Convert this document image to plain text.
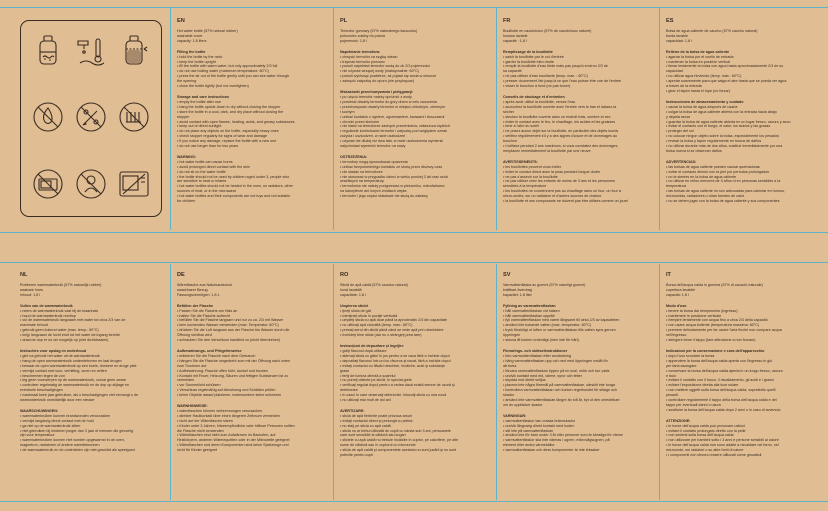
EN
Hot water bottle (57% natural rubber)
washable cover
capacity: 1.8 liters
Filling the bottle
• hold the bottle by the neck
• keep the bottle upright
• fill the bottle with warm water, but only approximately 2/3 full
• do not use boiling water (maximum temperature: 60°C)
• press the air out of the bottle gently until you can see water through
the opening
• close the bottle tightly (but not overtighten)
Storage and care instructions
• empty the bottle after use
• hang the bottle upside down to dry without closing the stopper
• store the bottle in a cool, dark, and dry place without closing the
stopper
• avoid contact with open flames, heating, acids, and greasy substances
• keep out of direct sunlight
• do not place any objects on the bottle, especially heavy ones
• check stopper regularly for signs of wear and damage
• if you notice any damage, replace the bottle with a new one
• do not use longer than for two years
WARNING:
• hot water bottle can cause burns
• avoid prolonged direct contact with the skin
• do not sit on the water bottle
• the bottle should not be used by children aged under 3, people who
are sensitive to heat or infants
• hot water bottles should not be heated in the oven, on radiators, other
sources of heat, or in the microwave
• hot water bottles and their components are not toys and not suitable
for children
PL
Termofor gumowy (57% naturalnego kauczuku)
pokrowiec zdatny do prania
pojemność: 1,8 l
Napełnianie termofora:
• chwycić termofor za szyjkę wlewu
• trzymać termofor pionowo
• powoli napełniać termofor wodą do ok 2/3 pojemności
• nie używać wrzącej wody (maksymalnie: 60°C)
• powoli wycisnąć powietrze, aż pojawi się woda w otworze
• zakręcić zatyczkę do oporu (nie przykręcać)
Wskazówki przechowywania i pielęgnacji:
• po użyciu termofor należy opróżnić z wody
• powiesić otwarty termofor do góry dnem w celu osuszenia
• przechowywać otwarty termofor w miejscu chłodnym, ciemnym
i suchym
• unikać kontaktu z ogniem, ogrzewaniem, kwasami i tłuszczami
• chronić przed słońcem
• nie kłaść na termoforze żadnych przedmiotów, zwłaszcza ciężkich
• regularnie kontrolować termofor i zatyczkę pod względem oznak
zużycia i uszkodzeń, w razie uszkodzeń
• używać nie dłużej niż dwa lata, w razie uszkodzenia wymienić
natychmiast wymienić termofor na nowy
OSTRZEŻENIA:
• termofory mogą spowodować oparzenia
• unikać bezpośredniego kontaktu ze skórą przez dłuższy czas
• nie siadać na termoforze
• nie stosować w przypadku dzieci w wieku poniżej 3 lat oraz osób
wrażliwych na temperaturę
• termoforów nie należy podgrzewać w piekarniku, mikrofalówce,
na kaloryferze ani innych źródłach ciepła
• termofor i jego części składowe nie służą do zabawy
FR
Bouillotte en caoutchouc (57% de caoutchouc naturel)
housse lavable
capacité : 1,8 l
Remplissage de la bouillotte
• saisir la bouillotte par le col d'entrée
• garder la bouillotte bien droite
• remplir la bouillotte d'eau tiède mais pas jusqu'à environ 2/3 de
sa capacité
• ne pas utiliser d'eau bouillante (temp. max. : 60°C)
• presser doucement l'air jusqu'à ce que l'eau puisse être vue de l'entrée
• visser le bouchon à fond (ne pas forcer)
Conseils de stockage et d'entretien
• après avoir utilisé la bouillotte, versez l'eau
• accrochez la bouillotte ouverte avec l'entrée vers le bas et laissez-la
sécher
• stockez la bouillotte ouverte dans un endroit frais, sombre et sec
• éviter le contact avec le feu, le chauffage, les acides et les graisses
• tenir à l'abri du soleil
• ne posez aucun objet sur la bouillotte, en particulier des objets lourds
• vérifiez régulièrement s'il y a des signes d'usure et de dommages au
bouchon
• n'utilisez pendant 2 ans maximum, si vous constatez des dommages,
remplacez immédiatement la bouillotte par une neuve
AVERTISSEMENTS:
• les bouillottes peuvent vous brûler
• éviter le contact direct avec la peau pendant longue durée
• ne pas s'asseoir sur la bouillotte
• ne pas utiliser chez les enfants de moins de 3 ans et les personnes
sensibles à la température
• les bouillottes ne conviennent pas au chauffage dans un four, un four à
micro-ondes, sur un radiateur et d'autres sources de chaleur
• la bouillotte et ses composants ne doivent pas être utilisés comme un jouet
ES
Bolsa de agua caliente de caucho (57% caucho natural)
funda lavable
capacidad: 1,8 l
Relleno de la bolsa de agua caliente
• agarrar la bolsa por el cuello de entrada
• mantener la bolsa en posición vertical
• llenar lentamente la bolsa con agua hasta aproximadamente 2/3 de su
capacidad
• no utilizar agua hirviendo (temp. máx.: 60°C)
• apretar suavemente para que salga el aire hasta que se pueda ver agua
a través de la entrada
• girar el tapón hasta el tope (no forzar)
Instrucciones de almacenamiento y cuidado
• vaciar la bolsa de agua después de usarla
• colgar la bolsa de agua caliente abierta con la entrada hacia abajo
y dejarla secar
• guardar la bolsa de agua caliente abierta en un lugar fresco, oscuro y seco
• evitar el contacto con el fuego, el calor, los ácidos y las grasas
• proteger del sol
• no colocar ningún objeto sobre la bolsa, especialmente los pesados
• revisar la bolsa y tapón regularmente en busca de daños
• no utilizar durante más de dos años, sustituir inmediatamente por una
bolsa nueva si se observan daños
ADVERTENCIAS:
• las bolsas de agua caliente pueden causar quemaduras
• evitar el contacto directo con la piel por períodos prolongados
• no te sientes en la bolsa de agua caliente
• no utilizar en niños menores de 3 años ni en personas sensibles a la
temperatura
• las bolsas de agua caliente no son adecuadas para calentar en hornos,
microondas, radiadores u otras fuentes de calor
• no se deben jugar con la bolsa de agua caliente y sus componentes
NL
Rubberen warmwaterkruik (57% natuurlijk rubber)
wasbare hoes
inhoud: 1,8 l
Vullen van de warmwaterkruik
• neem de warmwaterkruik vast bij de kraanhals
• houd de warmwaterkruik rechtop
• vul de warmwaterkruik langzaam met water tot circa 2/3 van de
maximale inhoud
• gebruik geen kokend water (max. temp.: 60°C)
• knijp langzaam de lucht eruit tot het water de ingang bereikt
• draai de dop er zo ver mogelijk op (niet dichtdraaien)
Instructies voor opslag en onderhoud
• giet na gebruik het water uit de warmwaterkruik
• hang de open warmwaterkruik ondersteboven en laat drogen
• bewaar de open warmwaterkruik op een koele, donkere en droge plek
• vermijd contact met vuur, verhitting, zuren en vetten
• beschermen tegen de zon
• leg geen voorwerpen op de warmwaterkruik, vooral geen zware
• controleer regelmatig de warmwaterkruik en de dop op slijtage en
eventuele beschadigingen
• maximaal twee jaar gebruiken, als u beschadigingen ziet vervangt u de
warmwaterkruik onmiddellijk door een nieuwe
WAARSCHUWINGEN:
• warmwaterkruiken kunnen brandwonden veroorzaken
• vermijd langdurig direct contact met de huid
• ga niet op de warmwaterkruik zitten
• niet gebruiken bij kinderen jonger dan 3 jaar of mensen die gevoelig
zijn voor temperatuur
• warmwaterkruiken kunnen niet worden opgewarmd in de oven,
magnetron, radiatoren of andere warmtebronnen
• de warmwaterkruik en de onderdelen zijn niet geschikt als speelgoed
DE
Wärmflasche aus Naturkautschuk
waschbarer Bezug
Fassungsvermögen: 1,8 L
Befüllen der Flasche
• Fassen Sie die Flasche am Hals an
• halten Sie die Flasche aufrecht
• befüllen Sie die Flasche langsam und nur zu ca. 2/3 mit Wasser
• kein kochendes Wasser verwenden (max. Temperatur: 60°C)
• drücken Sie die Luft langsam aus der Flasche bis Wasser durch die
Öffnung sichtbar wird
• schrauben Sie den Verschluss handfest zu (nicht überdrehen)
Aufbewahrungs- und Pflegehinweise
• entleeren Sie die Flasche nach dem Gebrauch
• hängen Sie die Flasche umgedreht zum mit der Öffnung nach unten
zum Trocknen auf
• Aufbewahrung: Flasche offen kühl, dunkel und trocken
• Kontakt mit Feuer, Heizung, Säuren und fettigen Substanzen ist zu
vermeiden
• vor Sonnenlicht schützen
• Verschluss regelmäßig auf Abnutzung und Schäden prüfen
• keine Objekte darauf platzieren, insbesondere keine schweren
WARNHINWEISE:
• wärmflaschen können verbrennungen verursachen
• direkter Hautkontakt über einen längeren Zeitraum vermeiden
• nicht auf der Wärmflasche sitzen
• Kinder unter 3 Jahren, hitzeempfindliche oder hilflose Personen sollten
die Flasche nicht verwenden
• Wärmflaschen sind nicht zum Aufwärmen im Backofen, auf
Heizkörpern, anderen Wärmequellen oder in der Mikrowelle geeignet
• Wärmflaschen und deren Komponenten sind keine Spielzeuge und
nicht für Kinder geeignet
RO
Sticlă de apă caldă (57% cauciuc natural)
husă lavabilă
capacitate: 1,8 l
Umplerea sticlei
• ţineţi sticla de gât
• menţineţi sticla în poziţie verticală
• umpleţi sticla cu apă doar până la aproximativ 2/3 din capacitate
• nu utilizaţi apă clocotită (temp. max.: 60°C)
• presaţi aerul din sticlă până când se vede apă prin deschidere
• închideţi bine sticla (dar nu o strângeţi prea tare)
Instrucţiuni de depozitare şi îngrijire
• goliţi flaconul după utilizare
• atârnaţi sticla cu gâtul în jos pentru a se usca fără a închide dopul
• depozitaţi flaconul într-un loc răcoros şi uscat, fără a închide dopul
• evitaţi contactul cu flăcări deschise, încălzire, acizi şi substanţe
grase
• feriţi de lumina directă a soarelui
• nu puneţi obiecte pe sticlă, în special grele
• verificaţi regulat dopul pentru a vedea dacă există semne de uzură şi
deteriorare
• în cazul în care observaţi deteriorări, înlocuiţi sticla cu una nouă
• nu utilizaţi mai mult de doi ani
AVERTIZARE:
• sticla de apă fierbinte poate provoca arsuri
• evitaţi contactul direct şi prelungit cu pielea
• nu staţi pe sticla cu apă caldă
• sticla nu ar trebui utilizată de copiii cu vârsta sub 3 ani, persoanele
care sunt sensibile la căldură sau sugari
• sticlele cu apă caldă nu trebuie încălzite în cuptor, pe calorifere, pe alte
surse de căldură sau în cuptorul cu microunde
• sticla de apă caldă şi componentele acesteia nu sunt jucării şi nu sunt
potrivite pentru copii
SV
Varmvattenflaska av gummi (57% naturligt gummi)
tvättbart överdrag
kapacitet: 1,8 liter
Fyllning av varmvattenflaskan
• håll varmvattenflaskan vid halsen
• håll varmvattenflaskan upprätt
• fyll varmvattenflaskan med varmt långsamt till cirka 2/3 av kapaciteten
• använd inte kokande vatten (max. temperatur: 60°C)
• tryck försiktigt ut luften ur varmvattenflaskan tills vatten syns genom
öppningen
• skruva åt korken ordentligt (men inte för hårt)
Förvarings- och skötselinstruktioner
• töm varmvattenflaskan efter användning
• häng varmvattenflaskan upp och ned med öppningen nedåt för
att torka
• förvara varmvattenflaskan öppen på en sval, mörk och torr plats
• undvik kontakt med eld, värme, syror och fetter
• skydda mot direkt solljus
• placera inte några föremål på varmvattenflaskan, särskilt inte tunga
• kontrollera varmvattenflaskan och korken regelbundet för slitage och
skador
• använd inte varmvattenflaskan längre än två år, byt ut den omedelbart
om du upptäcker skador
VARNINGAR:
• varmvattenflaskor kan orsaka brännskador
• undvik långvarig direkt kontakt med huden
• sitt inte på varmvattenflaskan
• använd inte för barn under 3 år eller personer som är känsliga för värme
• varmvattenflaskor ska inte värmas i ugnen, mikrovågsugnen, på
element eller andra värmekällor
• varmvattenflaskan och dess komponenter är inte leksaker
IT
Borsa dell'acqua calda in gomma (57% di caucciù naturale)
copertura lavabile
capacità: 1,8 l
Modo d'uso
• tenere la borsa dal riempimento (ingresso)
• mantenere in posizione verticale
• riempire lentamente con acqua fino a circa 2/3 della capacità
• non usare acqua bollente (temperatura massima: 60°C)
• premere delicatamente per far uscire l'aria finché non compare acqua
nell'ingresso
• stringere bene il tappo (fare attenzione a non forzare)
Indicazioni per la conservazione e cura dell'apparecchio
• dopo l'uso svuotare la borsa
• appendere la borsa dell'acqua calda aperta con l'ingresso in giù
per farla asciugare
• conservare la borsa dell'acqua calda aperta in un luogo fresco, oscuro
e buio
• evitare il contatto con il fuoco, il riscaldamento, gli acidi e i grassi
• evitare l'esposizione diretta alla luce solare
• non mettere oggetti sulla borsa dell'acqua calda, soprattutto quelli
pesanti
• controllare regolarmente il tappo della borsa dell'acqua calda e del
tappo per eventuali danni o usura
• sostituire la borsa dell'acqua calda dopo 2 anni o in caso di avvenuto
ATTENZIONE:
• le borse dell'acqua calda può provocare ustioni
• evitare il contatto prolungato diretto con la pelle
• non sedersi sulla borsa dell'acqua calda
• non utilizzare per bambini sotto i 3 anni e persone sensibili al calore
• le borse dell'acqua calda non sono adatte a riscaldare nel forno, nel
microonde, sui radiatori o su altre fonti di calore
• i componenti non devono essere utilizzati come giocattoli
